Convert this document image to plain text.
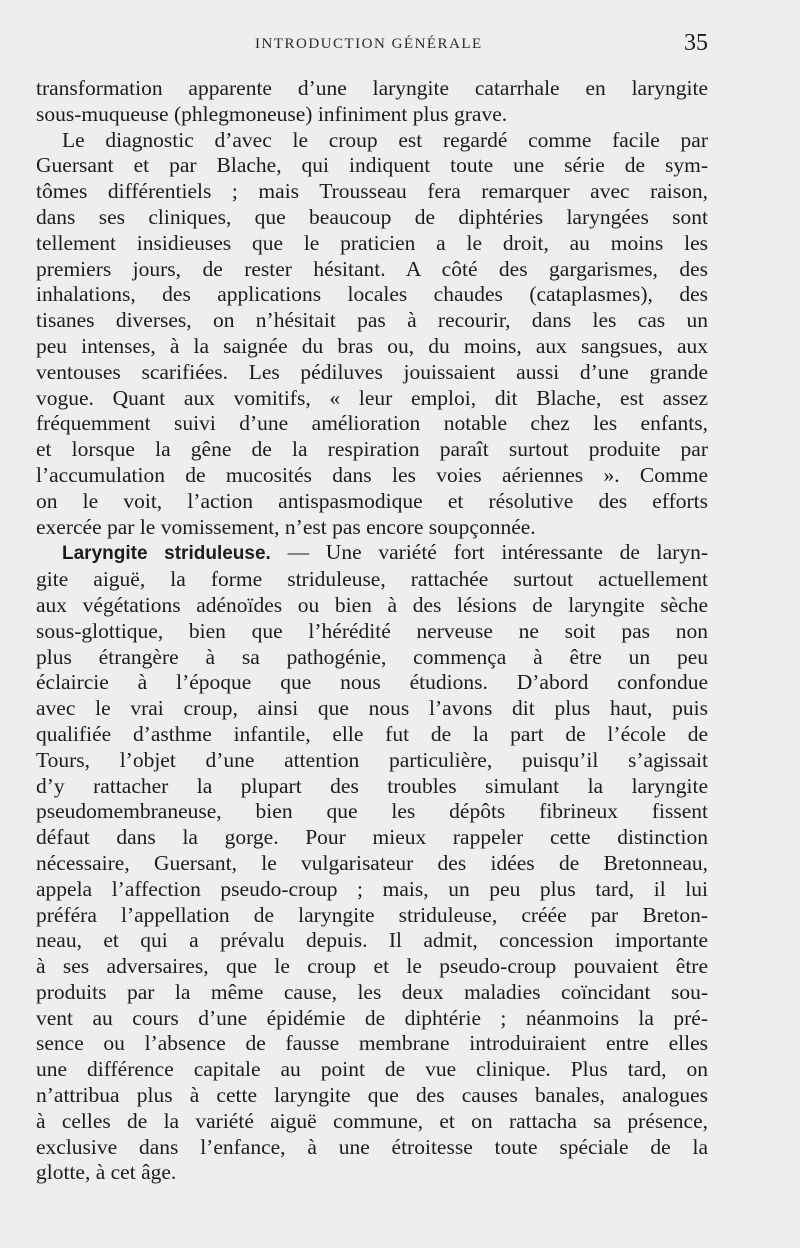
INTRODUCTION GÉNÉRALE	35
transformation apparente d’une laryngite catarrhale en laryngite
sous-muqueuse (phlegmoneuse) infiniment plus grave.
Le diagnostic d’avec le croup est regardé comme facile par
Guersant et par Blache, qui indiquent toute une série de sym-
tômes différentiels ; mais Trousseau fera remarquer avec raison,
dans ses cliniques, que beaucoup de diphtéries laryngées sont
tellement insidieuses que le praticien a le droit, au moins les
premiers jours, de rester hésitant. A côté des gargarismes, des
inhalations, des applications locales chaudes (cataplasmes), des
tisanes diverses, on n’hésitait pas à recourir, dans les cas un
peu intenses, à la saignée du bras ou, du moins, aux sangsues, aux
ventouses scarifiées. Les pédiluves jouissaient aussi d’une grande
vogue. Quant aux vomitifs, « leur emploi, dit Blache, est assez
fréquemment suivi d’une amélioration notable chez les enfants,
et lorsque la gêne de la respiration paraît surtout produite par
l’accumulation de mucosités dans les voies aériennes ». Comme
on le voit, l’action antispasmodique et résolutive des efforts
exercée par le vomissement, n’est pas encore soupçonnée.
Laryngite striduleuse. — Une variété fort intéressante de laryn-
gite aiguë, la forme striduleuse, rattachée surtout actuellement
aux végétations adénoïdes ou bien à des lésions de laryngite sèche
sous-glottique, bien que l’hérédité nerveuse ne soit pas non
plus étrangère à sa pathogénie, commença à être un peu
éclaircie à l’époque que nous étudions. D’abord confondue
avec le vrai croup, ainsi que nous l’avons dit plus haut, puis
qualifiée d’asthme infantile, elle fut de la part de l’école de
Tours, l’objet d’une attention particulière, puisqu’il s’agissait
d’y rattacher la plupart des troubles simulant la laryngite
pseudomembraneuse, bien que les dépôts fibrineux fissent
défaut dans la gorge. Pour mieux rappeler cette distinction
nécessaire, Guersant, le vulgarisateur des idées de Bretonneau,
appela l’affection pseudo-croup ; mais, un peu plus tard, il lui
préféra l’appellation de laryngite striduleuse, créée par Breton-
neau, et qui a prévalu depuis. Il admit, concession importante
à ses adversaires, que le croup et le pseudo-croup pouvaient être
produits par la même cause, les deux maladies coïncidant sou-
vent au cours d’une épidémie de diphtérie ; néanmoins la pré-
sence ou l’absence de fausse membrane introduiraient entre elles
une différence capitale au point de vue clinique. Plus tard, on
n’attribua plus à cette laryngite que des causes banales, analogues
à celles de la variété aiguë commune, et on rattacha sa présence,
exclusive dans l’enfance, à une étroitesse toute spéciale de la
glotte, à cet âge.
